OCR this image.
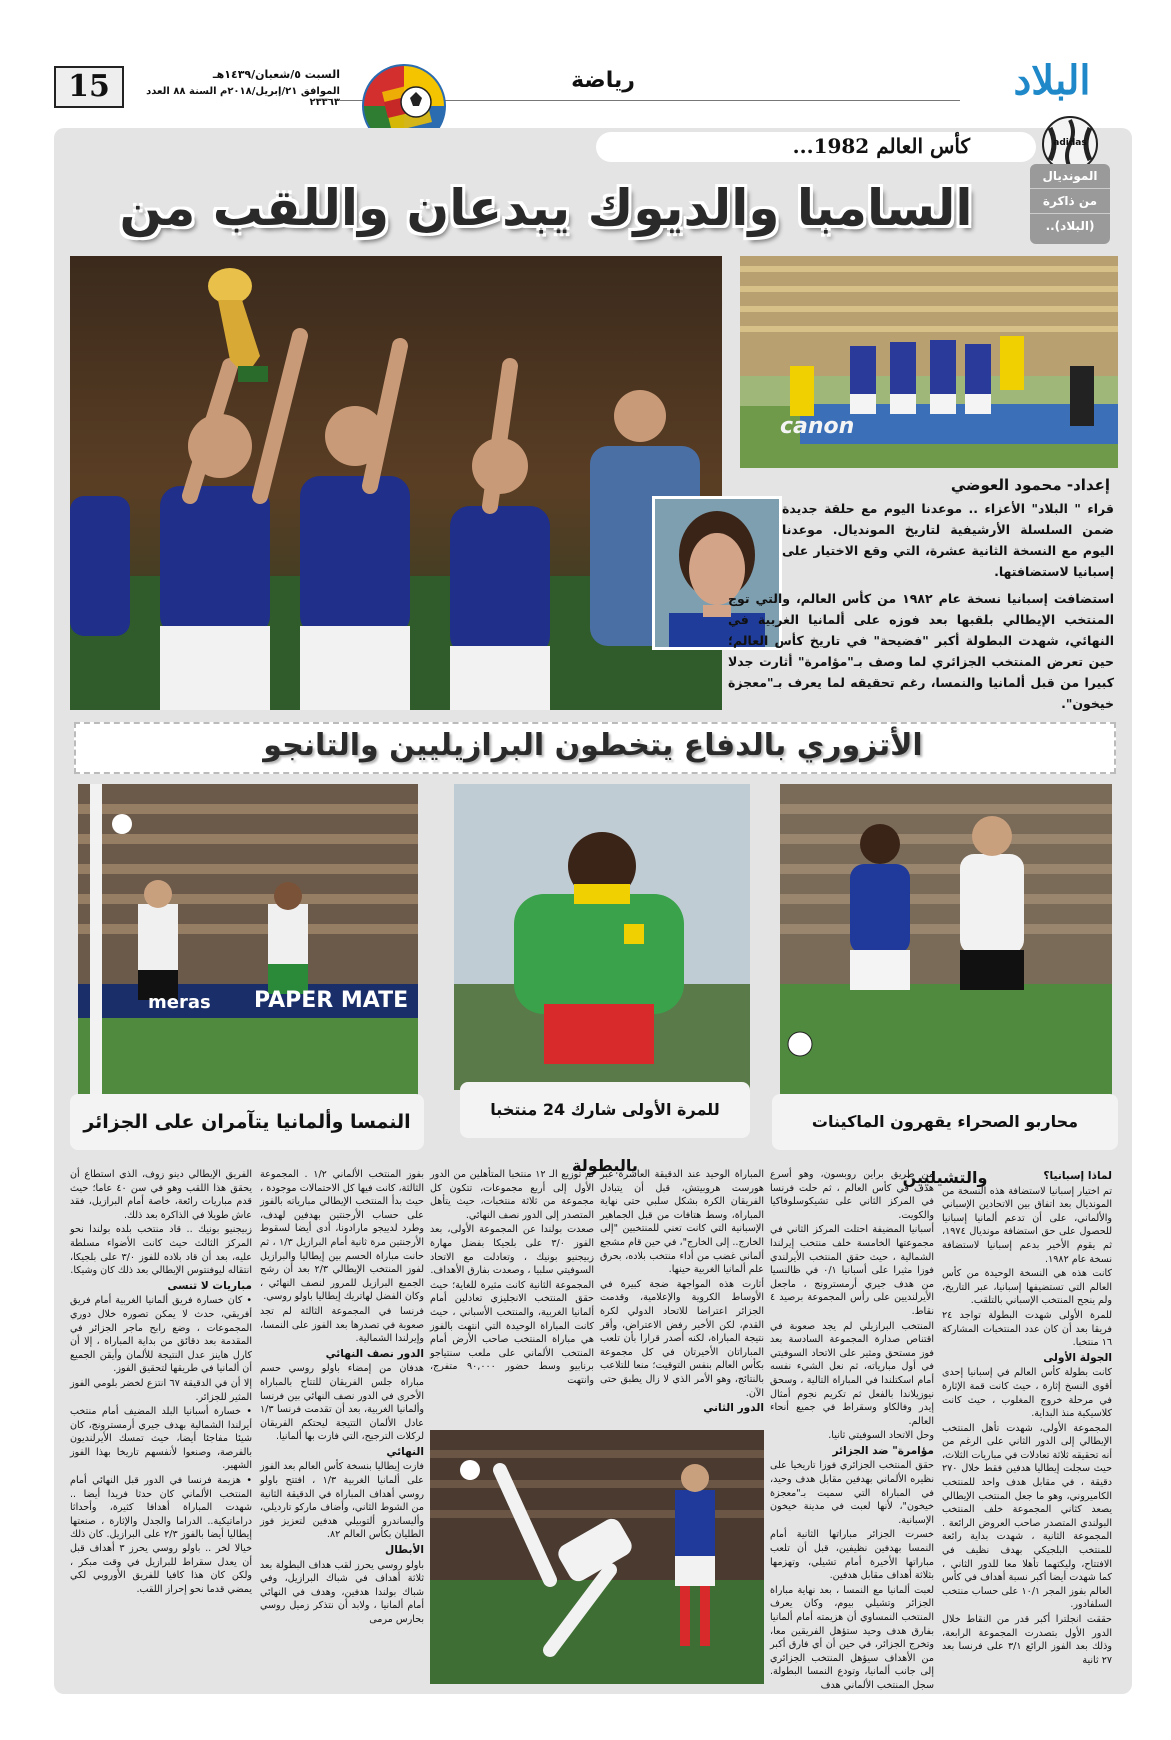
15	السبت ٥/شعبان/١٤٣٩هـ
الموافق ٢١/إبريل/٢٠١٨م السنة ٨٨ العدد ٢٣٣٦٣
رياضة	البلاد
كأس العالم 1982...	adidas
المونديال
من ذاكرة
(البلاد)..
السامبا والديوك يبدعان واللقب من
canon
إعداد- محمود العوضي
قراء " البلاد" الأعزاء .. موعدنا اليوم مع حلقة جديدة ضمن السلسلة الأرشيفية لتاريخ المونديال. موعدنا اليوم مع النسخة الثانية عشرة، التي وقع الاختيار على إسبانيا لاستضافتها.
استضافت إسبانيا نسخة عام ١٩٨٢ من كأس العالم، والتي توج المنتخب الإيطالي بلقبها بعد فوزه على ألمانيا الغربية في النهائي، شهدت البطولة أكبر "فضيحة" في تاريخ كأس العالم؛ حين تعرض المنتخب الجزائري لما وصف بـ"مؤامرة" أثارت جدلا كبيرا من قبل ألمانيا والنمسا، رغم تحقيقه لما يعرف بـ"معجزة خيخون".
الأتزوري بالدفاع يتخطون البرازيليين والتانجو
meras	PAPER MATE
النمسا وألمانيا يتآمران على الجزائر
للمرة الأولى شارك 24 منتخبا بالبطولة
محاربو الصحراء يقهرون الماكينات والتشيليين	لماذا إسبانيا؟

تم اختيار إسبانيا لاستضافة هذه النسخة من المونديال بعد اتفاق بين الاتحادين الإسباني والألماني، على أن تدعم ألمانيا إسبانيا للحصول على حق استضافة مونديال ١٩٧٤، ثم يقوم الأخير بدعم إسبانيا لاستضافة نسخة عام ١٩٨٢.

كانت هذه هي النسخة الوحيدة من كأس العالم التي تستضيفها إسبانيا، عبر التاريخ، ولم ينجح المنتخب الإسباني بالتلقب.

للمرة الأولى شهدت البطولة تواجد ٢٤ فريقا بعد أن كان عدد المنتخبات المشاركة ١٦ منتخبا.

الجولة الأولى

كانت بطولة كأس العالم في إسبانيا إحدى أقوى النسخ إثارة ، حيث كانت قمة الإثارة في مرحلة خروج المغلوب ، حيث كانت كلاسيكية منذ البداية.

المجموعة الأولى، شهدت تأهل المنتخب الإيطالي إلى الدور الثاني على الرغم من أنه تحقيقه ثلاثة تعادلات في مباريات الثلاث، حيث سجلت إيطاليا هدفين فقط خلال ٢٧٠ دقيقة ، في مقابل هدف واحد للمنتخب الكاميروني، وهو ما جعل المنتخب الإيطالي يصعد كثاني المجموعة خلف المنتخب البولندي المتصدر صاحب العروض الرائعة . المجموعة الثانية ، شهدت بداية رائعة للمنتخب البلجيكي بهدف نظيف في الافتتاح، وليكتهما تأهلا معا للدور الثاني ، كما شهدت أيضا أكبر نسبة أهداف في كأس العالم بفوز المجر ١٠/١ على حساب منتخب السلفادور.

حققت انجلترا أكبر قدر من النقاط خلال الدور الأول بتصدرت المجموعة الرابعة، وذلك بعد الفوز الرائع ٣/١ على فرنسا بعد ٢٧ ثانية

من طريق براين روبسون، وهو أسرع هدف في كأس العالم ، ثم حلت فرنسا في المركز الثاني على تشيكوسلوفاكيا والكويت.

أسبانيا المضيفة احتلت المركز الثاني في مجموعتها الخامسة خلف منتخب إيرلندا الشمالية ، حيث حقق المنتخب الأيرلندي فوزا مثيرا على أسبانيا ٠/١ في ظالنسيا من هدف جيري أرمسترونج ، ماجعل الأيرلنديين على رأس المجموعة برصيد ٤ نقاط.

المنتخب البرازيلي لم يجد صعوبة في اقتناص صدارة المجموعة السادسة بعد فوز مستحق ومثير على الاتحاد السوفيتي في أول مبارياته، ثم نعل الشيء نفسه أمام اسكتلندا في المباراة التالية ، وسحق نيوزيلاندا بالفعل ثم تكريم نجوم أمثال إيدر وفالكاو وسقراط في جميع أنحاء العالم.

وحل الاتحاد السوفيتي ثانيا.

مؤامرة" ضد الجزائر

حقق المنتخب الجزائري فوزا تاريخيا على نظيره الألماني بهدفين مقابل هدف وحيد، في المباراة التي سميت بـ"معجزة خيخون"، لأنها لعبت في مدينة خيخون الإسبانية.

خسرت الجزائر مباراتها الثانية أمام النمسا بهدفين نظيفين، قبل أن تلعب مباراتها الأخيرة أمام تشيلي، وتهزمها بثلاثة أهداف مقابل هدفين.

لعبت ألمانيا مع النمسا ، بعد نهاية مباراة الجزائر وتشيلي بيوم، وكان يعرف المنتخب النمساوي أن هزيمته أمام ألمانيا بفارق هدف وحيد ستؤهل الفريقين معا، وتخرج الجزائر، في حين أن أي فارق أكبر من الأهداف سيؤهل المنتخب الجزائري إلى جانب ألمانيا، وتودع النمسا البطولة. سجل المنتخب الألماني هدف

المباراة الوحيد عند الدقيقة العاشرة عبر هورست هروبيتش، قبل أن يتبادل الفريقان الكرة بشكل سلبي حتى نهاية المباراة، وسط هتافات من قبل الجماهير الإسبانية التي كانت تعني للمنتخبين "إلى الخارج.. إلى الخارج"، في حين قام مشجع ألماني غضب من أداء منتخب بلاده، بحرق علم ألمانيا الغربية حينها.

أثارت هذه المواجهة ضجة كبيرة في الأوساط الكروية والإعلامية، وقدمت الجزائر اعتراضا للاتحاد الدولي لكرة القدم، لكن الأخير رفض الاعتراض، وأقر نتيجة المباراة، لكنه أصدر قرارا بأن تلعب المباراتان الأخيرتان في كل مجموعة بكأس العالم بنفس التوقيت؛ منعا للتلاعب بالنتائج، وهو الأمر الذي لا زال يطبق حتى الآن.

الدور الثاني

تم توزيع الـ ١٢ منتخبا المتأهلين من الدور الأول إلى أربع مجموعات، تتكون كل مجموعة من ثلاثة منتخبات، حيث يتأهل المتصدر إلى الدور نصف النهائي.

صعدت بولندا عن المجموعة الأولى، بعد الفوز ٣/٠ على بلجيكا بفضل مهارة زبيجنيو بونيك ، وتعادلت مع الاتحاد السوفيتي سلبيا ، وصعدت بفارق الأهداف.

المجموعة الثانية كانت مثيرة للغاية؛ حيث حقق المنتخب الانجليزي تعادلين أمام ألمانيا الغربية، والمنتخب الأسباني ، حيث كانت المباراة الوحيدة التي انتهت بالفوز هي مباراة المنتخب صاحب الأرض أمام المنتخب الألماني على ملعب سنتياجو برنابيو وسط حضور ٩٠,٠٠٠ متفرج، وانتهت

بفوز المنتخب الألماني ١/٢ . المجموعة الثالثة، كانت فيها كل الاحتمالات موجودة ، حيث بدأ المنتخب الإيطالي مبارياته بالفوز على حساب الأرجنتين بهدفين لهدف، وطرد لدييجو مارادونا، أدى أيضا لسقوط الأرجنتين مرة ثانية أمام البرازيل ١/٣ ، ثم حانت مباراة الحسم بين إيطاليا والبرازيل لفوز المنتخب الإيطالي ٢/٣ بعد أن رشح الجميع البرازيل للمرور لنصف النهائي ، وكان الفضل لهاتريك إيطاليا باولو روسي.

فرنسا في المجموعة الثالثة لم تجد صعوبة في تصدرها بعد الفوز على النمسا، وإيرلندا الشمالية.

الدور نصف النهائي

هدفان من إمضاء باولو روسي حسم مباراة جلس الفريقان للتتاح بالمباراة الأخرى في الدور نصف النهائي بين فرنسا وألمانيا الغربية، بعد أن تقدمت فرنسا ١/٣ عادل الألمان التتيجة ليحتكم الفريقان لركلات الترجيح، التي فازت بها ألمانيا.

النهائي

فازت إيطاليا بنسخة كأس العالم بعد الفوز على ألمانيا الغربية ١/٣ ، افتتح باولو روسي أهداف المباراة في الدقيقة الثانية من الشوط الثاني، وأضاف ماركو تارديلي، وأليساندرو ألتوبيلي هدفين لتعزيز فوز الطليان بكأس العالم ٨٢.

الأبطال

باولو روسي يحرز لقب هداف البطولة بعد ثلاثة أهداف في شباك البرازيل، وفي شباك بولندا هدفين، وهدف في النهائي أمام ألمانيا ، ولابد أن نتذكر زميل روسي بحارس مرمى

الفريق الإيطالي دينو زوف، الذي استطاع أن يحقق هذا اللقب وهو في سن ٤٠ عاما؛ حيث قدم مباريات رائعة، خاصة أمام البرازيل، فقد عاش طويلا في الذاكرة بعد ذلك.

زبيجنيو بونيك .. قاد منتخب بلده بولندا نحو المركز الثالث حيث كانت الأضواء مسلطة عليه، بعد أن قاد بلاده للفوز ٣/٠ على بلجيكا، انتقاله ليوفنتوس الإيطالي بعد ذلك كان وشيكا.

مباريات لا تنسى

• كان خسارة فريق ألمانيا الغربية أمام فريق أفريقي، حدث لا يمكن تصوره خلال دوري المجموعات ، وضع رابح ماجر الجزائر في المقدمة بعد دقائق من بداية المباراة ، إلا أن كارل هاينز عدل النتيجة للألمان وأيقن الجميع أن ألمانيا في طريقها لتحقيق الفوز.

إلا أن في الدقيقة ٦٧ انتزع لخضر بلومي الفوز المثير للجزائر.

• خسارة أسبانيا البلد المضيف أمام منتخب أيرلندا الشمالية بهدف جيري أرمسترونج، كان شيئا مفاجئا أيضا، حيث تمسك الأيرلنديون بالفرصة، وصنعوا لأنفسهم تاريخا بهذا الفوز الشهير.

• هزيمة فرنسا في الدور قبل النهائي أمام المنتخب الألماني كان حدثا فريدا أيضا .. شهدت المباراة أهدافا كثيرة، وأحداثا دراماتيكية.. الدراما والجدل والإثارة ، صنعتها إيطاليا أيضا بالفوز ٢/٣ على البرازيل. كان ذلك خيالا لخر .. باولو روسي يحرز ٣ أهداف قبل أن يعدل سقراط للبرازيل في وقت مبكر ، ولكن كان هذا كافيا للفريق الأوروبي لكي يمضي قدما نحو إحراز اللقب.
